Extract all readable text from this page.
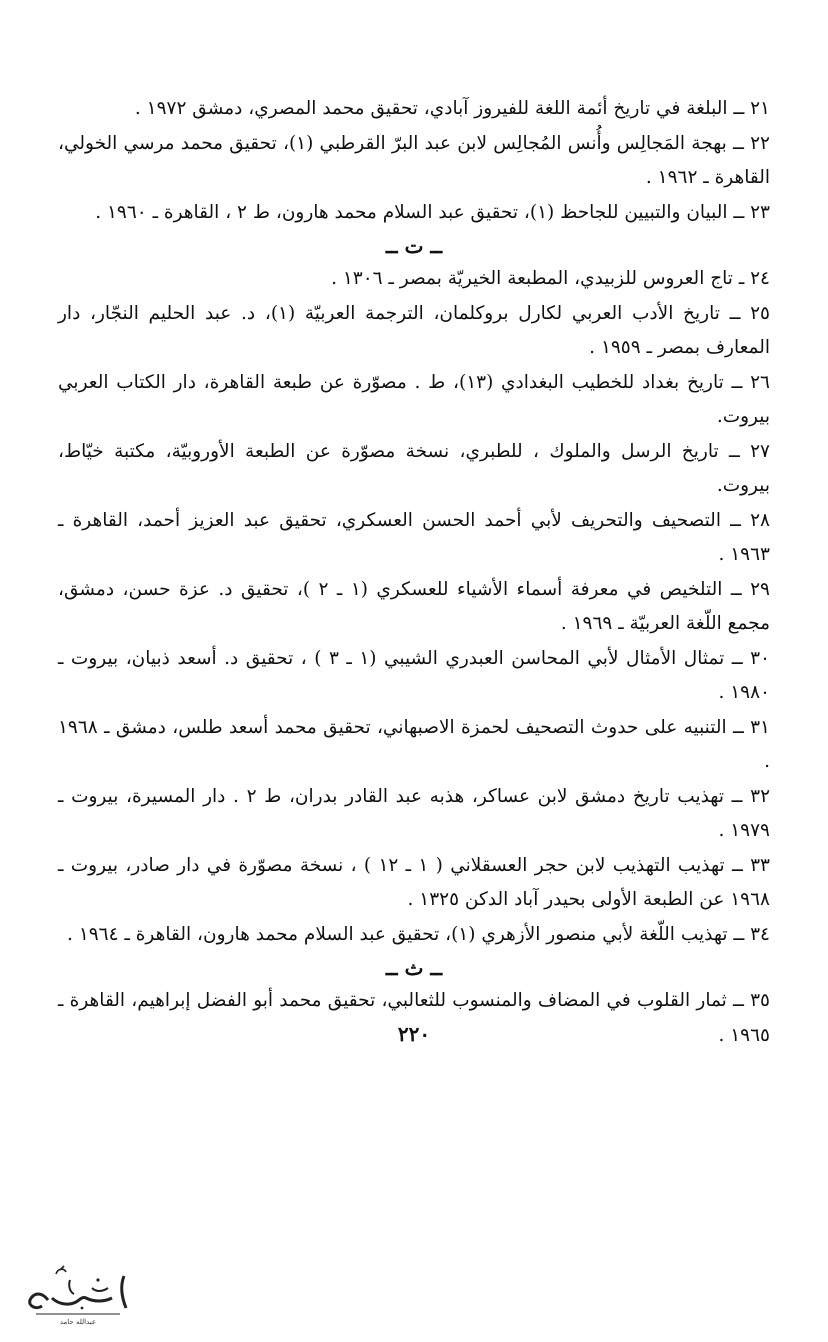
٢١ ــ البلغة في تاريخ أئمة اللغة للفيروز آبادي، تحقيق محمد المصري، دمشق ١٩٧٢ .

٢٢ ــ بهجة المَجالِس وأُنس المُجالِس لابن عبد البرّ القرطبي (١)، تحقيق محمد مرسي الخولي، القاهرة ـ ١٩٦٢ .

٢٣ ــ البيان والتبيين للجاحظ (١)، تحقيق عبد السلام محمد هارون، ط ٢ ، القاهرة ـ ١٩٦٠ .

ــ ت ــ

٢٤ ـ تاج العروس للزبيدي، المطبعة الخيريّة بمصر ـ ١٣٠٦ .

٢٥ ــ تاريخ الأدب العربي لكارل بروكلمان، الترجمة العربيّة (١)، د. عبد الحليم النجّار، دار المعارف بمصر ـ ١٩٥٩ .

٢٦ ــ تاريخ بغداد للخطيب البغدادي (١٣)، ط . مصوّرة عن طبعة القاهرة، دار الكتاب العربي بيروت.

٢٧ ــ تاريخ الرسل والملوك ، للطبري، نسخة مصوّرة عن الطبعة الأوروبيّة، مكتبة خيّاط، بيروت.

٢٨ ــ التصحيف والتحريف لأبي أحمد الحسن العسكري، تحقيق عبد العزيز أحمد، القاهرة ـ ١٩٦٣ .

٢٩ ــ التلخيص في معرفة أسماء الأشياء للعسكري (١ ـ ٢ )، تحقيق د. عزة حسن، دمشق، مجمع اللّغة العربيّة ـ ١٩٦٩ .

٣٠ ــ تمثال الأمثال لأبي المحاسن العبدري الشيبي (١ ـ ٣ ) ، تحقيق د. أسعد ذبيان، بيروت ـ ١٩٨٠ .

٣١ ــ التنبيه على حدوث التصحيف لحمزة الاصبهاني، تحقيق محمد أسعد طلس، دمشق ـ ١٩٦٨ .

٣٢ ــ تهذيب تاريخ دمشق لابن عساكر، هذبه عبد القادر بدران، ط ٢ . دار المسيرة، بيروت ـ ١٩٧٩ .

٣٣ ــ تهذيب التهذيب لابن حجر العسقلاني ( ١ ـ ١٢ ) ، نسخة مصوّرة في دار صادر، بيروت ـ ١٩٦٨ عن الطبعة الأولى بحيدر آباد الدكن ١٣٢٥ .

٣٤ ــ تهذيب اللّغة لأبي منصور الأزهري (١)، تحقيق عبد السلام محمد هارون، القاهرة ـ ١٩٦٤ .

ــ ث ــ

٣٥ ــ ثمار القلوب في المضاف والمنسوب للثعالبي، تحقيق محمد أبو الفضل إبراهيم، القاهرة ـ ١٩٦٥ .

٢٢٠
عبدالله حامد
